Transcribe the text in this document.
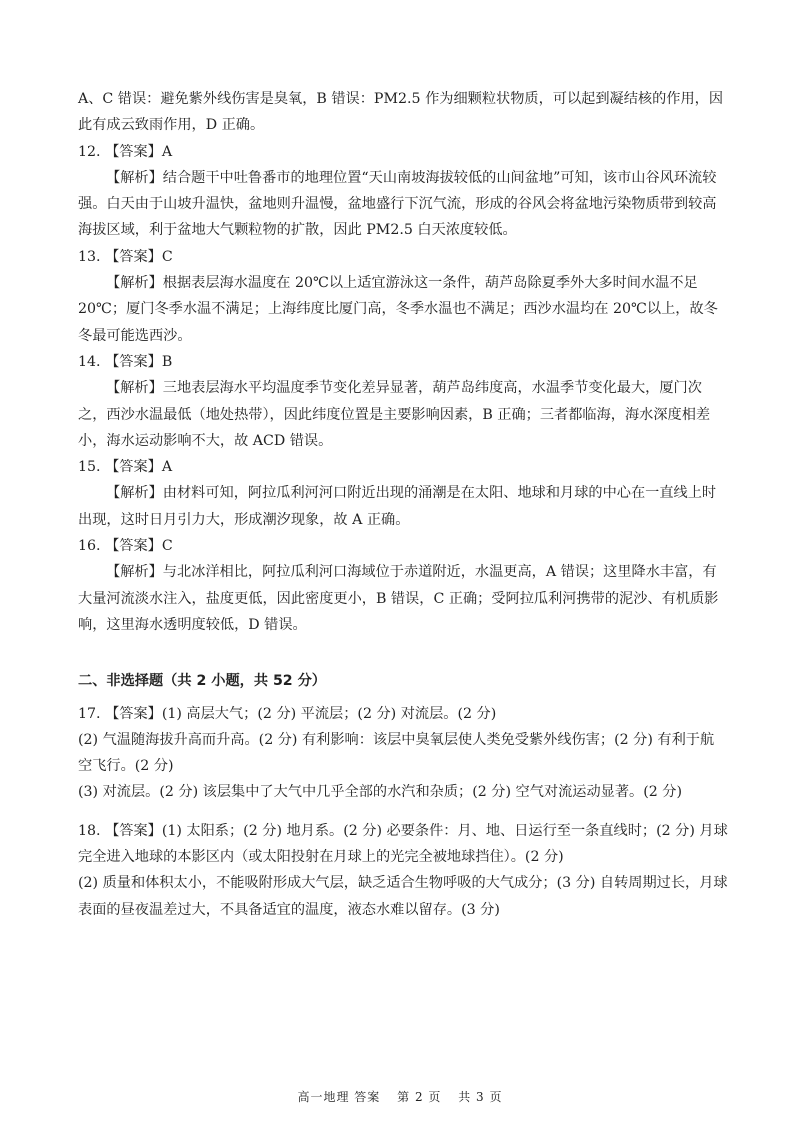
A、C 错误：避免紫外线伤害是臭氧，B 错误：PM2.5 作为细颗粒状物质，可以起到凝结核的作用，因此有成云致雨作用，D 正确。

12. 【答案】A

【解析】结合题干中吐鲁番市的地理位置“天山南坡海拔较低的山间盆地”可知，该市山谷风环流较强。白天由于山坡升温快，盆地则升温慢，盆地盛行下沉气流，形成的谷风会将盆地污染物质带到较高海拔区域，利于盆地大气颗粒物的扩散，因此 PM2.5 白天浓度较低。

13. 【答案】C

【解析】根据表层海水温度在 20℃以上适宜游泳这一条件，葫芦岛除夏季外大多时间水温不足 20℃；厦门冬季水温不满足；上海纬度比厦门高，冬季水温也不满足；西沙水温均在 20℃以上，故冬冬最可能选西沙。

14. 【答案】B

【解析】三地表层海水平均温度季节变化差异显著，葫芦岛纬度高，水温季节变化最大，厦门次之，西沙水温最低（地处热带），因此纬度位置是主要影响因素，B 正确；三者都临海，海水深度相差小，海水运动影响不大，故 ACD 错误。

15. 【答案】A

【解析】由材料可知，阿拉瓜利河河口附近出现的涌潮是在太阳、地球和月球的中心在一直线上时出现，这时日月引力大，形成潮汐现象，故 A 正确。

16. 【答案】C

【解析】与北冰洋相比，阿拉瓜利河口海域位于赤道附近，水温更高，A 错误；这里降水丰富，有大量河流淡水注入，盐度更低，因此密度更小，B 错误，C 正确；受阿拉瓜利河携带的泥沙、有机质影响，这里海水透明度较低，D 错误。

二、非选择题（共 2 小题，共 52 分）

17. 【答案】(1) 高层大气；(2 分) 平流层；(2 分) 对流层。(2 分)

(2) 气温随海拔升高而升高。(2 分) 有利影响：该层中臭氧层使人类免受紫外线伤害；(2 分) 有利于航空飞行。(2 分)

(3) 对流层。(2 分) 该层集中了大气中几乎全部的水汽和杂质；(2 分) 空气对流运动显著。(2 分)

18. 【答案】(1) 太阳系；(2 分) 地月系。(2 分) 必要条件：月、地、日运行至一条直线时；(2 分) 月球完全进入地球的本影区内（或太阳投射在月球上的光完全被地球挡住）。(2 分)

(2) 质量和体积太小，不能吸附形成大气层，缺乏适合生物呼吸的大气成分；(3 分) 自转周期过长，月球表面的昼夜温差过大，不具备适宜的温度，液态水难以留存。(3 分)

高一地理 答案 第 2 页 共 3 页
